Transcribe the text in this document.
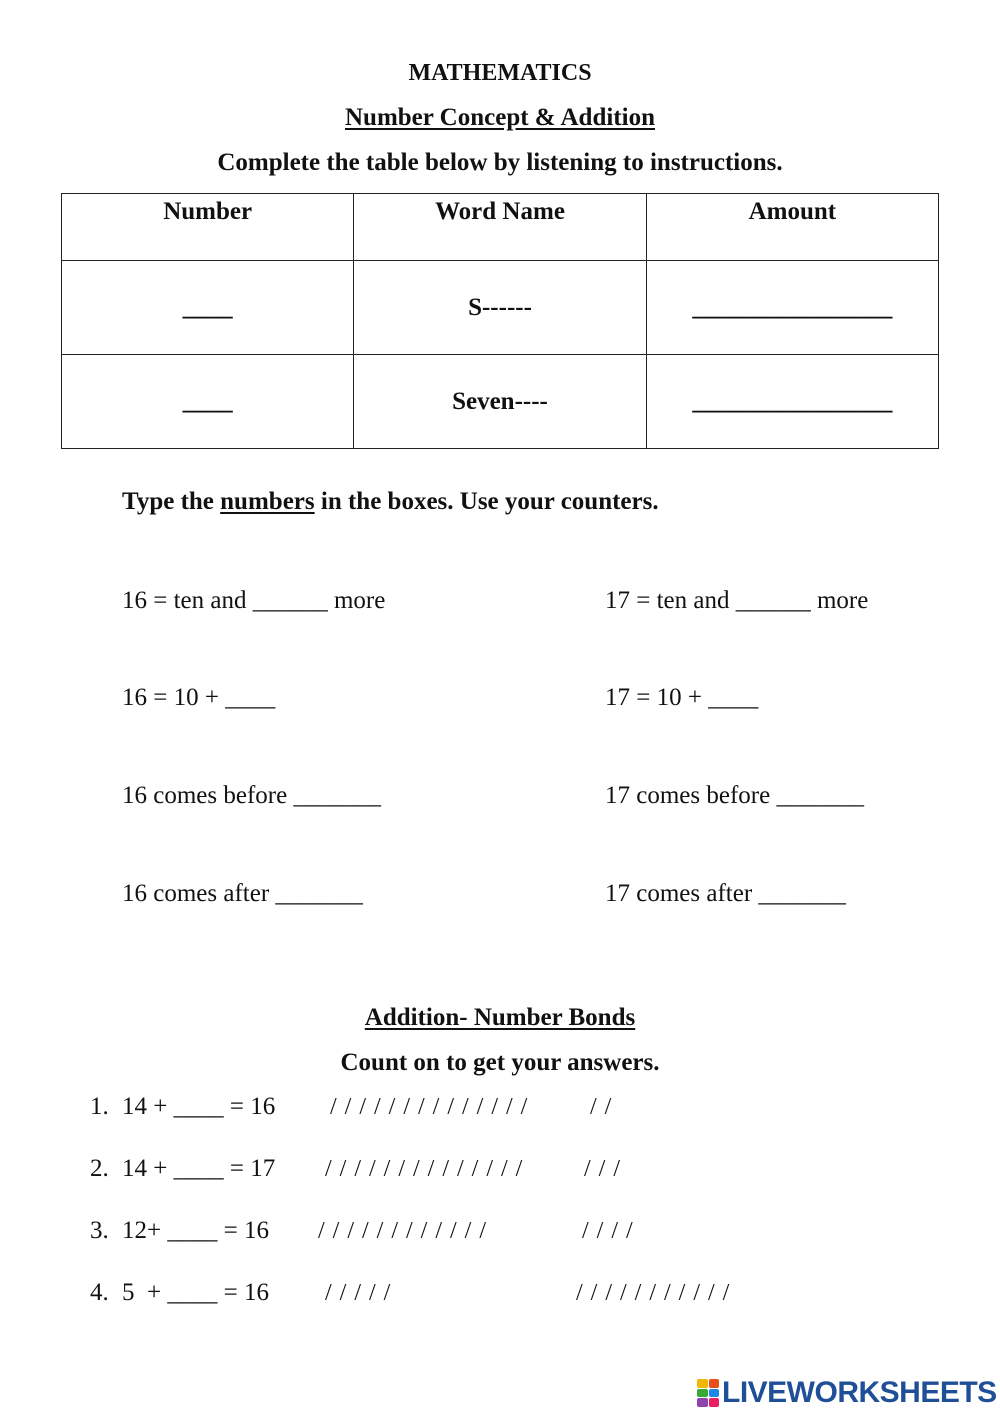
MATHEMATICS
Number Concept & Addition
Complete the table below by listening to instructions.
Number	Word Name	Amount
____	S------	________________
____	Seven----	________________
Type the numbers in the boxes. Use your counters.
16 = ten and ______ more
16 = 10 + ____
16 comes before _______
16 comes after _______
17 = ten and ______ more
17 = 10 + ____
17 comes before _______
17 comes after _______
Addition- Number Bonds
Count on to get your answers.
1. 14 + ____ = 16 / / / / / / / / / / / / / /	/ /
2. 14 + ____ = 17 / / / / / / / / / / / / / /	/ / /
3. 12+ ____ = 16 / / / / / / / / / / / /	/ / / /
4. 5  + ____ = 16 / / / / /	/ / / / / / / / / / /
LIVEWORKSHEETS
